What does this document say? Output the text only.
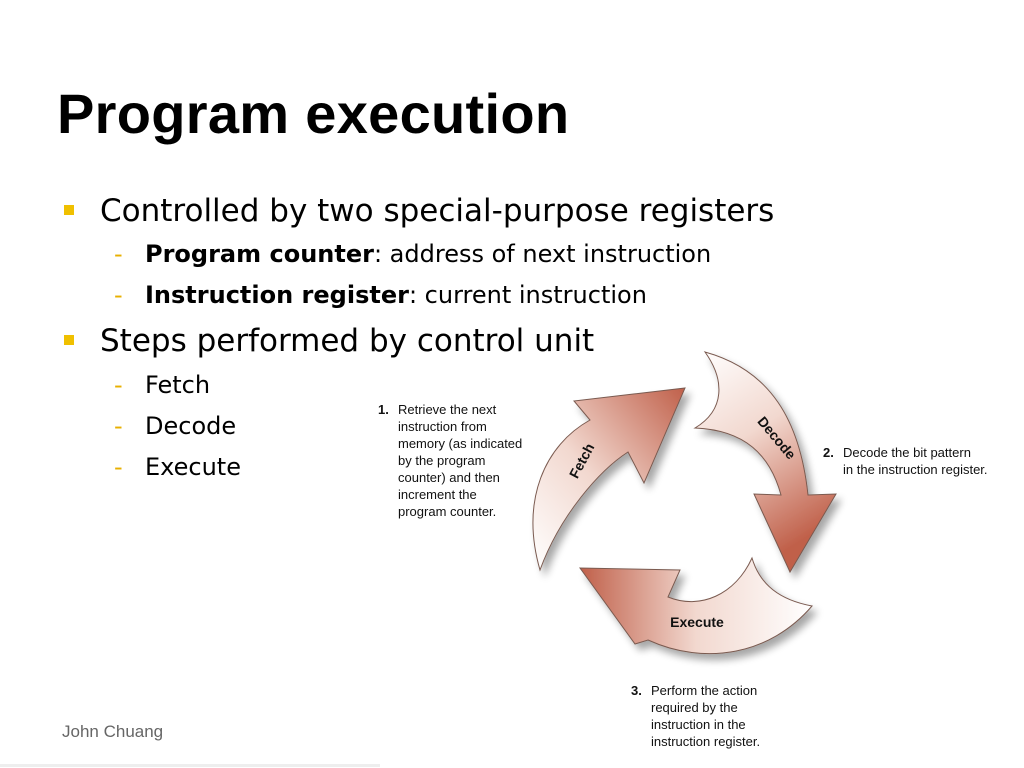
Program execution
Controlled by two special-purpose registers
- Program counter: address of next instruction
- Instruction register: current instruction
Steps performed by control unit
- Fetch
- Decode
- Execute	Fetch	Decode
Execute
1. Retrieve the next
instruction from
memory (as indicated
by the program
counter) and then
increment the
program counter.
2. Decode the bit pattern
in the instruction register.
3. Perform the action
required by the
instruction in the
instruction register.
John Chuang
